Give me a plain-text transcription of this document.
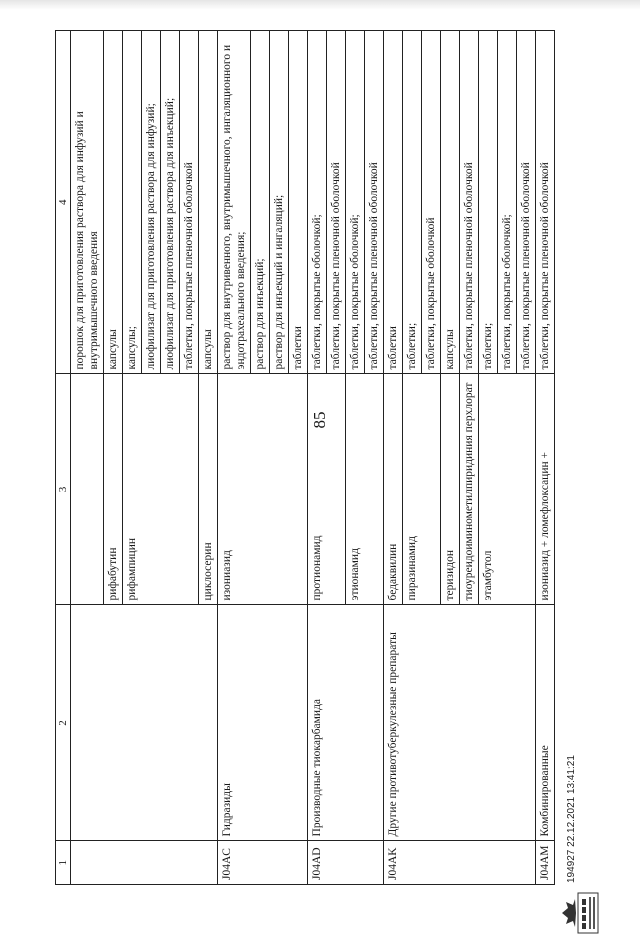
85
1	2	3	4
			порошок для приготовления раствора для инфузий и внутримышечного введения
		рифабутин	капсулы
		рифампицин	капсулы;
			лиофилизат для приготовления раствора для инфузий;
			лиофилизат для приготовления раствора для инъекций;
			таблетки, покрытые пленочной оболочкой
		циклосерин	капсулы
J04AC	Гидразиды	изониазид	раствор для внутривенного, внутримышечного, ингаляционного и эндотрахеального введения;
			раствор для инъекций;
			раствор для инъекций и ингаляций;
			таблетки
J04AD	Производные тиокарбамида	протионамид	таблетки, покрытые оболочкой;
			таблетки, покрытые пленочной оболочкой
		этионамид	таблетки, покрытые оболочкой;
			таблетки, покрытые пленочной оболочкой
J04AK	Другие противотуберкулезные препараты	бедаквилин	таблетки
		пиразинамид	таблетки;
			таблетки, покрытые оболочкой
		теризидон	капсулы
		тиоуреидоиминометилпиридиния перхлорат	таблетки, покрытые пленочной оболочкой
		этамбутол	таблетки;
			таблетки, покрытые оболочкой;
			таблетки, покрытые пленочной оболочкой
J04AM	Комбинированные	изониазид + ломефлоксацин +	таблетки, покрытые пленочной оболочкой
194927 22.12.2021 13:41:21
